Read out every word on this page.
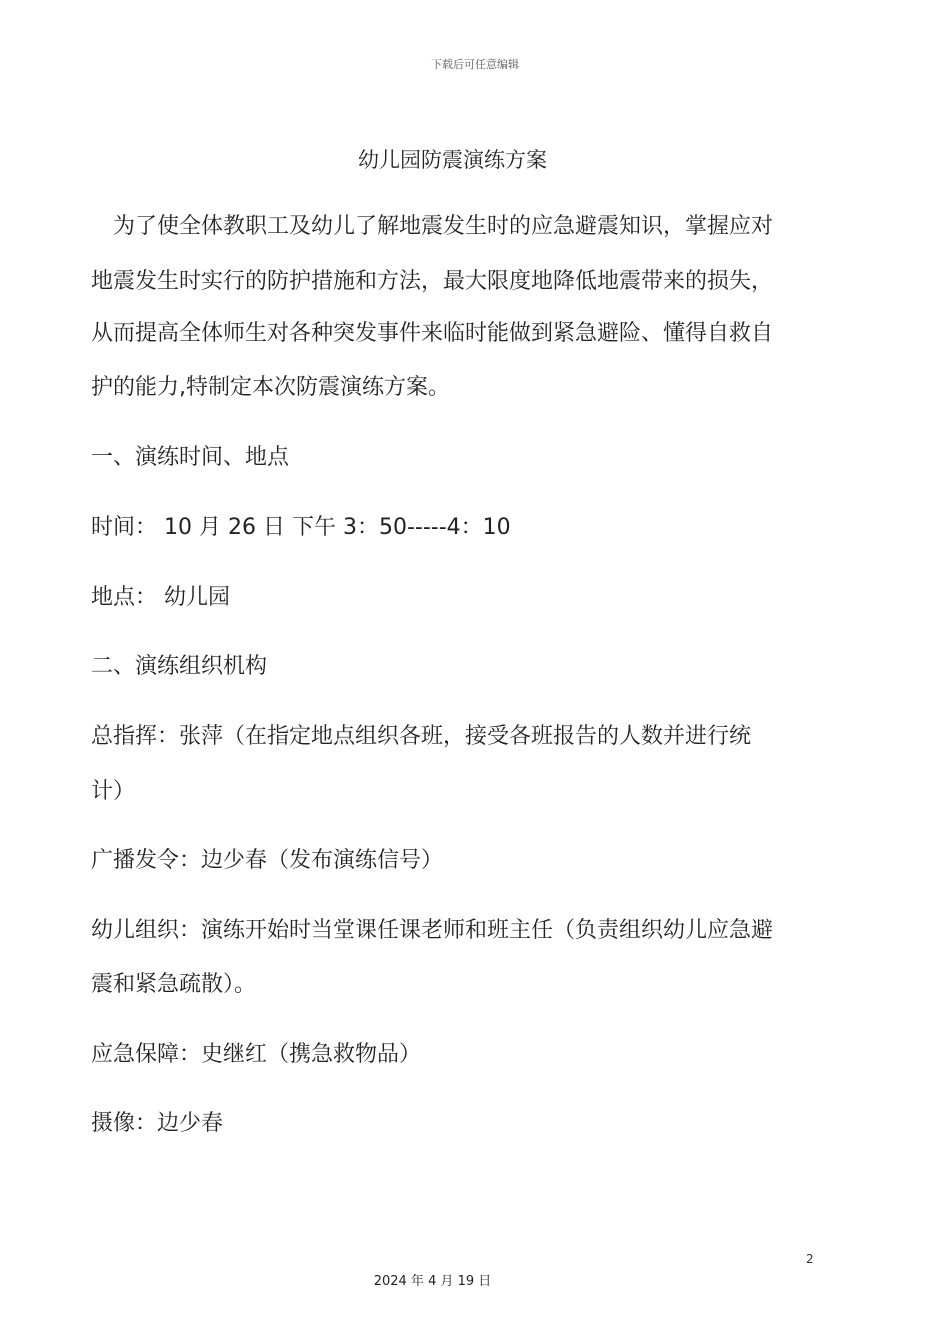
下载后可任意编辑
幼儿园防震演练方案
　为了使全体教职工及幼儿了解地震发生时的应急避震知识，掌握应对
地震发生时实行的防护措施和方法，最大限度地降低地震带来的损失，
从而提高全体师生对各种突发事件来临时能做到紧急避险、懂得自救自
护的能力,特制定本次防震演练方案。
一、演练时间、地点
时间： 10 月 26 日 下午 3：50-----4：10
地点： 幼儿园
二、演练组织机构
总指挥：张萍（在指定地点组织各班，接受各班报告的人数并进行统
计）
广播发令：边少春（发布演练信号）
幼儿组织：演练开始时当堂课任课老师和班主任（负责组织幼儿应急避
震和紧急疏散）。
应急保障：史继红（携急救物品）
摄像：边少春
2
2024 年 4 月 19 日
